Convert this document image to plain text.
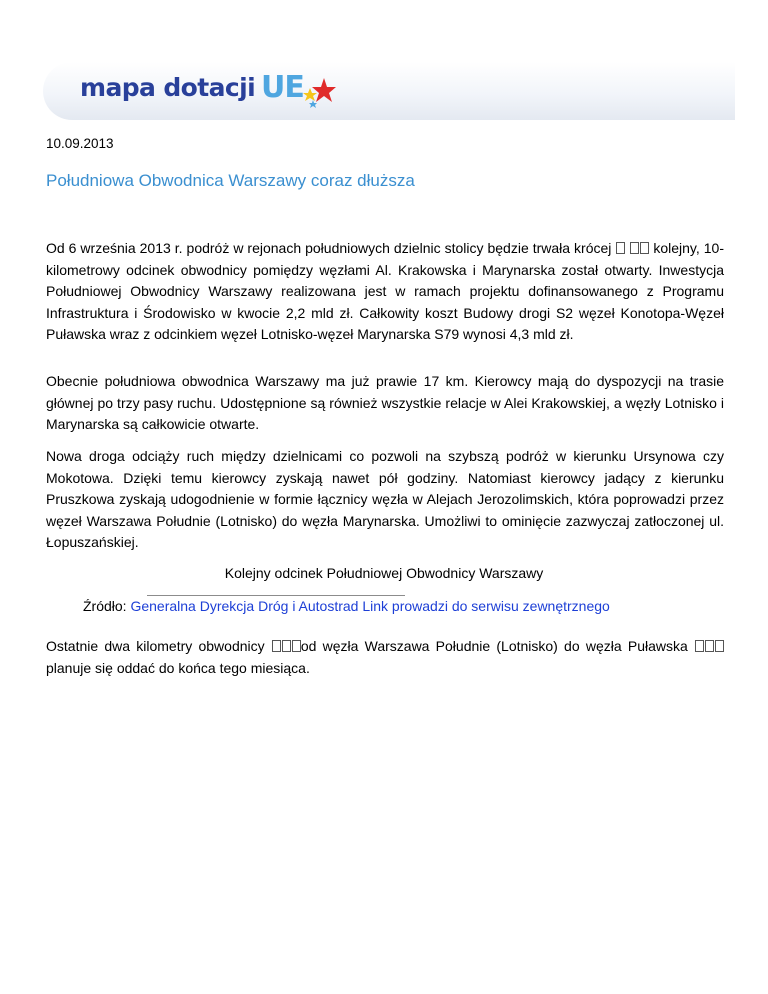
mapa dotacji UE
10.09.2013
Południowa Obwodnica Warszawy coraz dłuższa

Od 6 września 2013 r. podróż w rejonach południowych dzielnic stolicy będzie trwała krócej	kolejny, 10-kilometrowy odcinek obwodnicy pomiędzy węzłami Al. Krakowska i Marynarska został otwarty. Inwestycja Południowej Obwodnicy Warszawy realizowana jest w ramach projektu dofinansowanego z Programu Infrastruktura i Środowisko w kwocie 2,2 mld zł. Całkowity koszt Budowy drogi S2 węzeł Konotopa-Węzeł Puławska wraz z odcinkiem węzeł Lotnisko-węzeł Marynarska S79 wynosi 4,3 mld zł.

Obecnie południowa obwodnica Warszawy ma już prawie 17 km. Kierowcy mają do dyspozycji na trasie głównej po trzy pasy ruchu. Udostępnione są również wszystkie relacje w Alei Krakowskiej, a węzły Lotnisko i Marynarska są całkowicie otwarte.

Nowa droga odciąży ruch między dzielnicami co pozwoli na szybszą podróż w kierunku Ursynowa czy Mokotowa. Dzięki temu kierowcy zyskają nawet pół godziny. Natomiast kierowcy jadący z kierunku Pruszkowa zyskają udogodnienie w formie łącznicy węzła w Alejach Jerozolimskich, która poprowadzi przez węzeł Warszawa Południe (Lotnisko) do węzła Marynarska. Umożliwi to ominięcie zazwyczaj zatłoczonej ul. Łopuszańskiej.

Kolejny odcinek Południowej Obwodnicy Warszawy
Źródło: Generalna Dyrekcja Dróg i Autostrad Link prowadzi do serwisu zewnętrznego

Ostatnie dwa kilometry obwodnicy	od węzła Warszawa Południe (Lotnisko) do węzła Puławska  planuje się oddać do końca tego miesiąca.
